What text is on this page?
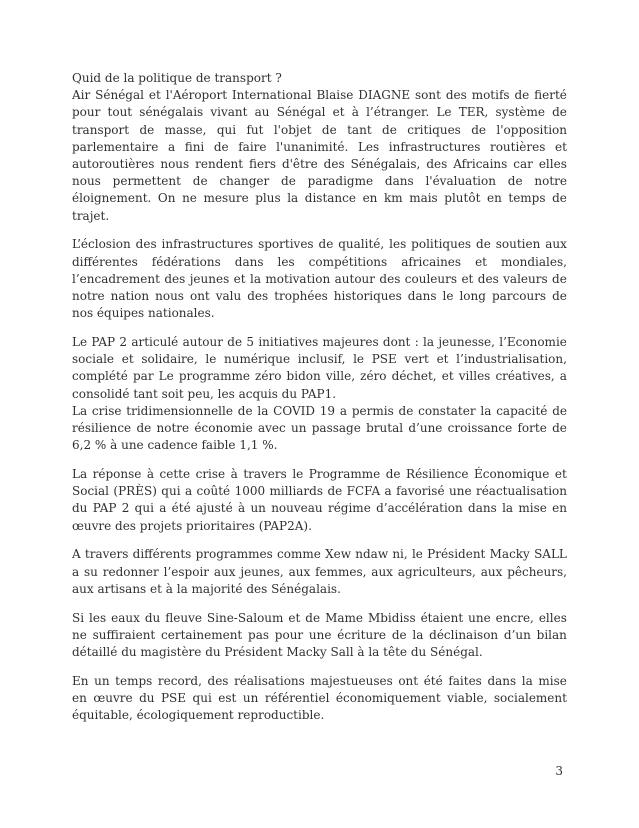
Quid de la politique de transport ?
Air Sénégal et l'Aéroport International Blaise DIAGNE sont des motifs de fierté
pour tout sénégalais vivant au Sénégal et à l’étranger. Le TER, système de
transport de masse, qui fut l'objet de tant de critiques de l'opposition
parlementaire a fini de faire l'unanimité. Les infrastructures routières et
autoroutières nous rendent fiers d'être des Sénégalais, des Africains car elles
nous permettent de changer de paradigme dans l'évaluation de notre
éloignement. On ne mesure plus la distance en km mais plutôt en temps de
trajet.
L’éclosion des infrastructures sportives de qualité, les politiques de soutien aux
différentes fédérations dans les compétitions africaines et mondiales,
l’encadrement des jeunes et la motivation autour des couleurs et des valeurs de
notre nation nous ont valu des trophées historiques dans le long parcours de
nos équipes nationales.
Le PAP 2 articulé autour de 5 initiatives majeures dont : la jeunesse, l’Economie
sociale et solidaire, le numérique inclusif, le PSE vert et l’industrialisation,
complété par Le programme zéro bidon ville, zéro déchet, et villes créatives, a
consolidé tant soit peu, les acquis du PAP1.
La crise tridimensionnelle de la COVID 19 a permis de constater la capacité de
résilience de notre économie avec un passage brutal d’une croissance forte de
6,2 % à une cadence faible 1,1 %.
La réponse à cette crise à travers le Programme de Résilience Économique et
Social (PRÈS) qui a coûté 1000 milliards de FCFA a favorisé une réactualisation
du PAP 2 qui a été ajusté à un nouveau régime d’accélération dans la mise en
œuvre des projets prioritaires (PAP2A).
A travers différents programmes comme Xew ndaw ni, le Président Macky SALL
a su redonner l’espoir aux jeunes, aux femmes, aux agriculteurs, aux pêcheurs,
aux artisans et à la majorité des Sénégalais.
Si les eaux du fleuve Sine-Saloum et de Mame Mbidiss étaient une encre, elles
ne suffiraient certainement pas pour une écriture de la déclinaison d’un bilan
détaillé du magistère du Président Macky Sall à la tête du Sénégal.
En un temps record, des réalisations majestueuses ont été faites dans la mise
en œuvre du PSE qui est un référentiel économiquement viable, socialement
équitable, écologiquement reproductible.
3
